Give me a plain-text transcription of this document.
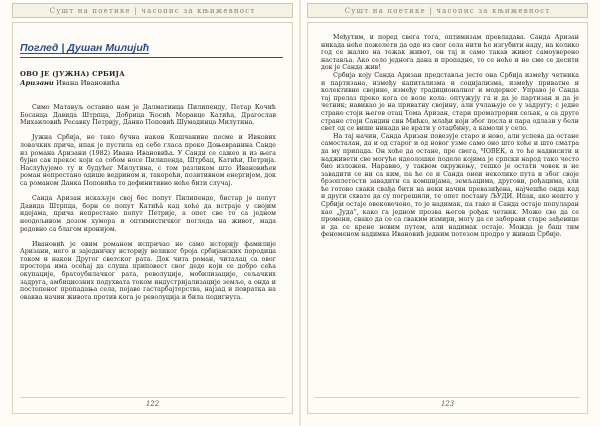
Сушт на поетике | часопис за књижевност
Поглед | Душан Милијић
ОВО ЈЕ (ЈУЖНА) СРБИЈА
Аризани Ивана Ивановића

Симо Матавуљ оставио нам је Далматинца Пилипенду, Петар Кочић Босанца Давида Штрпца, Добрица Ћосић Моравце Катића, Драгослав Михаиловић Ресавку Петрију, Данко Поповић Шумадинца Милутина.

Јужна Србија, не тако бучна након Кошчанине песме и Ивкових ловачких прича, ипак је пустила од себе гласа преко Доњевранина Санде из романа Аризани (1982) Ивана Ивановића. У Санди се сажео и из њега бујно сав прекос који са собом носе Пилипенда, Штрбац, Катићи, Петрија. Наслућујемо ту и будућег Милутина, с том разликом што Ивановићев роман непрестано одише ведрином и, такорећи, позитивном енергијом, док са романом Данка Поповића то дефинитивно неће бити случај.

Санда Аризан искаљује свој бес попут Пилипенде, бистар је попут Давида Штрпца, борн се попут Катићâ кад хоће да истраје у својим идејама, прича непрестано попут Петрије, а опет све то са једном неодољивом дозом хумора и оптимистичког погледа на живот, мада редовно са благом иронијом.

Ивановић је овим романом испричао не само историју фамилије Аризани, него и заједничку историју великог броја србијанских породица током и након Другог светског рата. Док чита роман, читалац са овог простора има осећај да слуша приповест свог деде који се добро сећа окупације, братоубилачког рата, револуције, мобилизације, сељачких задруга, амбициозних подухвата током индустријализације земље, а онда и постепеног пропадања села, појаве гастарбајтерства, најзад и повратка на оваква начин живота против кога је револуција и била подигнута.

122
Сушт на поетике | часопис за књижевност

Међутим, и поред свега тога, оптимизам превладава. Санда Аризан никада неће пожелети да оде из свог села нити ће изгубити наду, на колико год се жалио на тежак живот, он тај и само такав живот самоуверено наставља. Ако село једнога дана и пропадне, то се неће и не сме се десити док је Санда жив!

Србија коју Санда Аризан представља јесте она Србија између четника и партизана, између капитализма и социјализма, између приватне и колективне својине, између традиционалног и модерног. Управо је Санда тај прелаз преко кога се воле кола: оптужују га и да је партизан и да је четник; навикао је на приватну својину, али учлањује се у задругу; с једне стране стоји његов отац Тома Аризан, стари проматрорни сељак, а са друге стране стоји Сандин син Мићко, млађи који због посла и пара одлази у бели свет од се више никада не врати у отаџбину, а камоли у село.

На тај начин, Санда Аризан повезује старо и ново, али успева да остане самосталан, да и од старог и од новог узме само оно што хоће и што сматра да му припада. Он хоће да остане, пре свега, ЧОВЕК, а то ће надвисити и надживети све могуће идеолошке поделе којима је српски народ тако често био изложен. Наравно, у таквом окружењу, тешко је остати човек и не завадити се ни са ким, па ће се и Санда онеи неколико пута и због своје брзоплетости завадити са комшијама, земљацима, другови, рођацима, али ће готово сваки свађа бити на неки начин превазиђена, најчешће онда кад и други схвате да су погрешили, те опет постану ЉУДИ. Ипак, ако нешто у Србији остаје овековечено, то је надимак, па тако и Санда остаје популаран као „Јуда“, како га једном прозва његов рођак четник. Може све да се промени, свако да се са сваким измири, могу да се заборави старе зађевице и да се крене новим путем, али надимак остаје. Можда је баш тим феноменом надимка Ивановић једним потезом продро у живаш Србије.

123
